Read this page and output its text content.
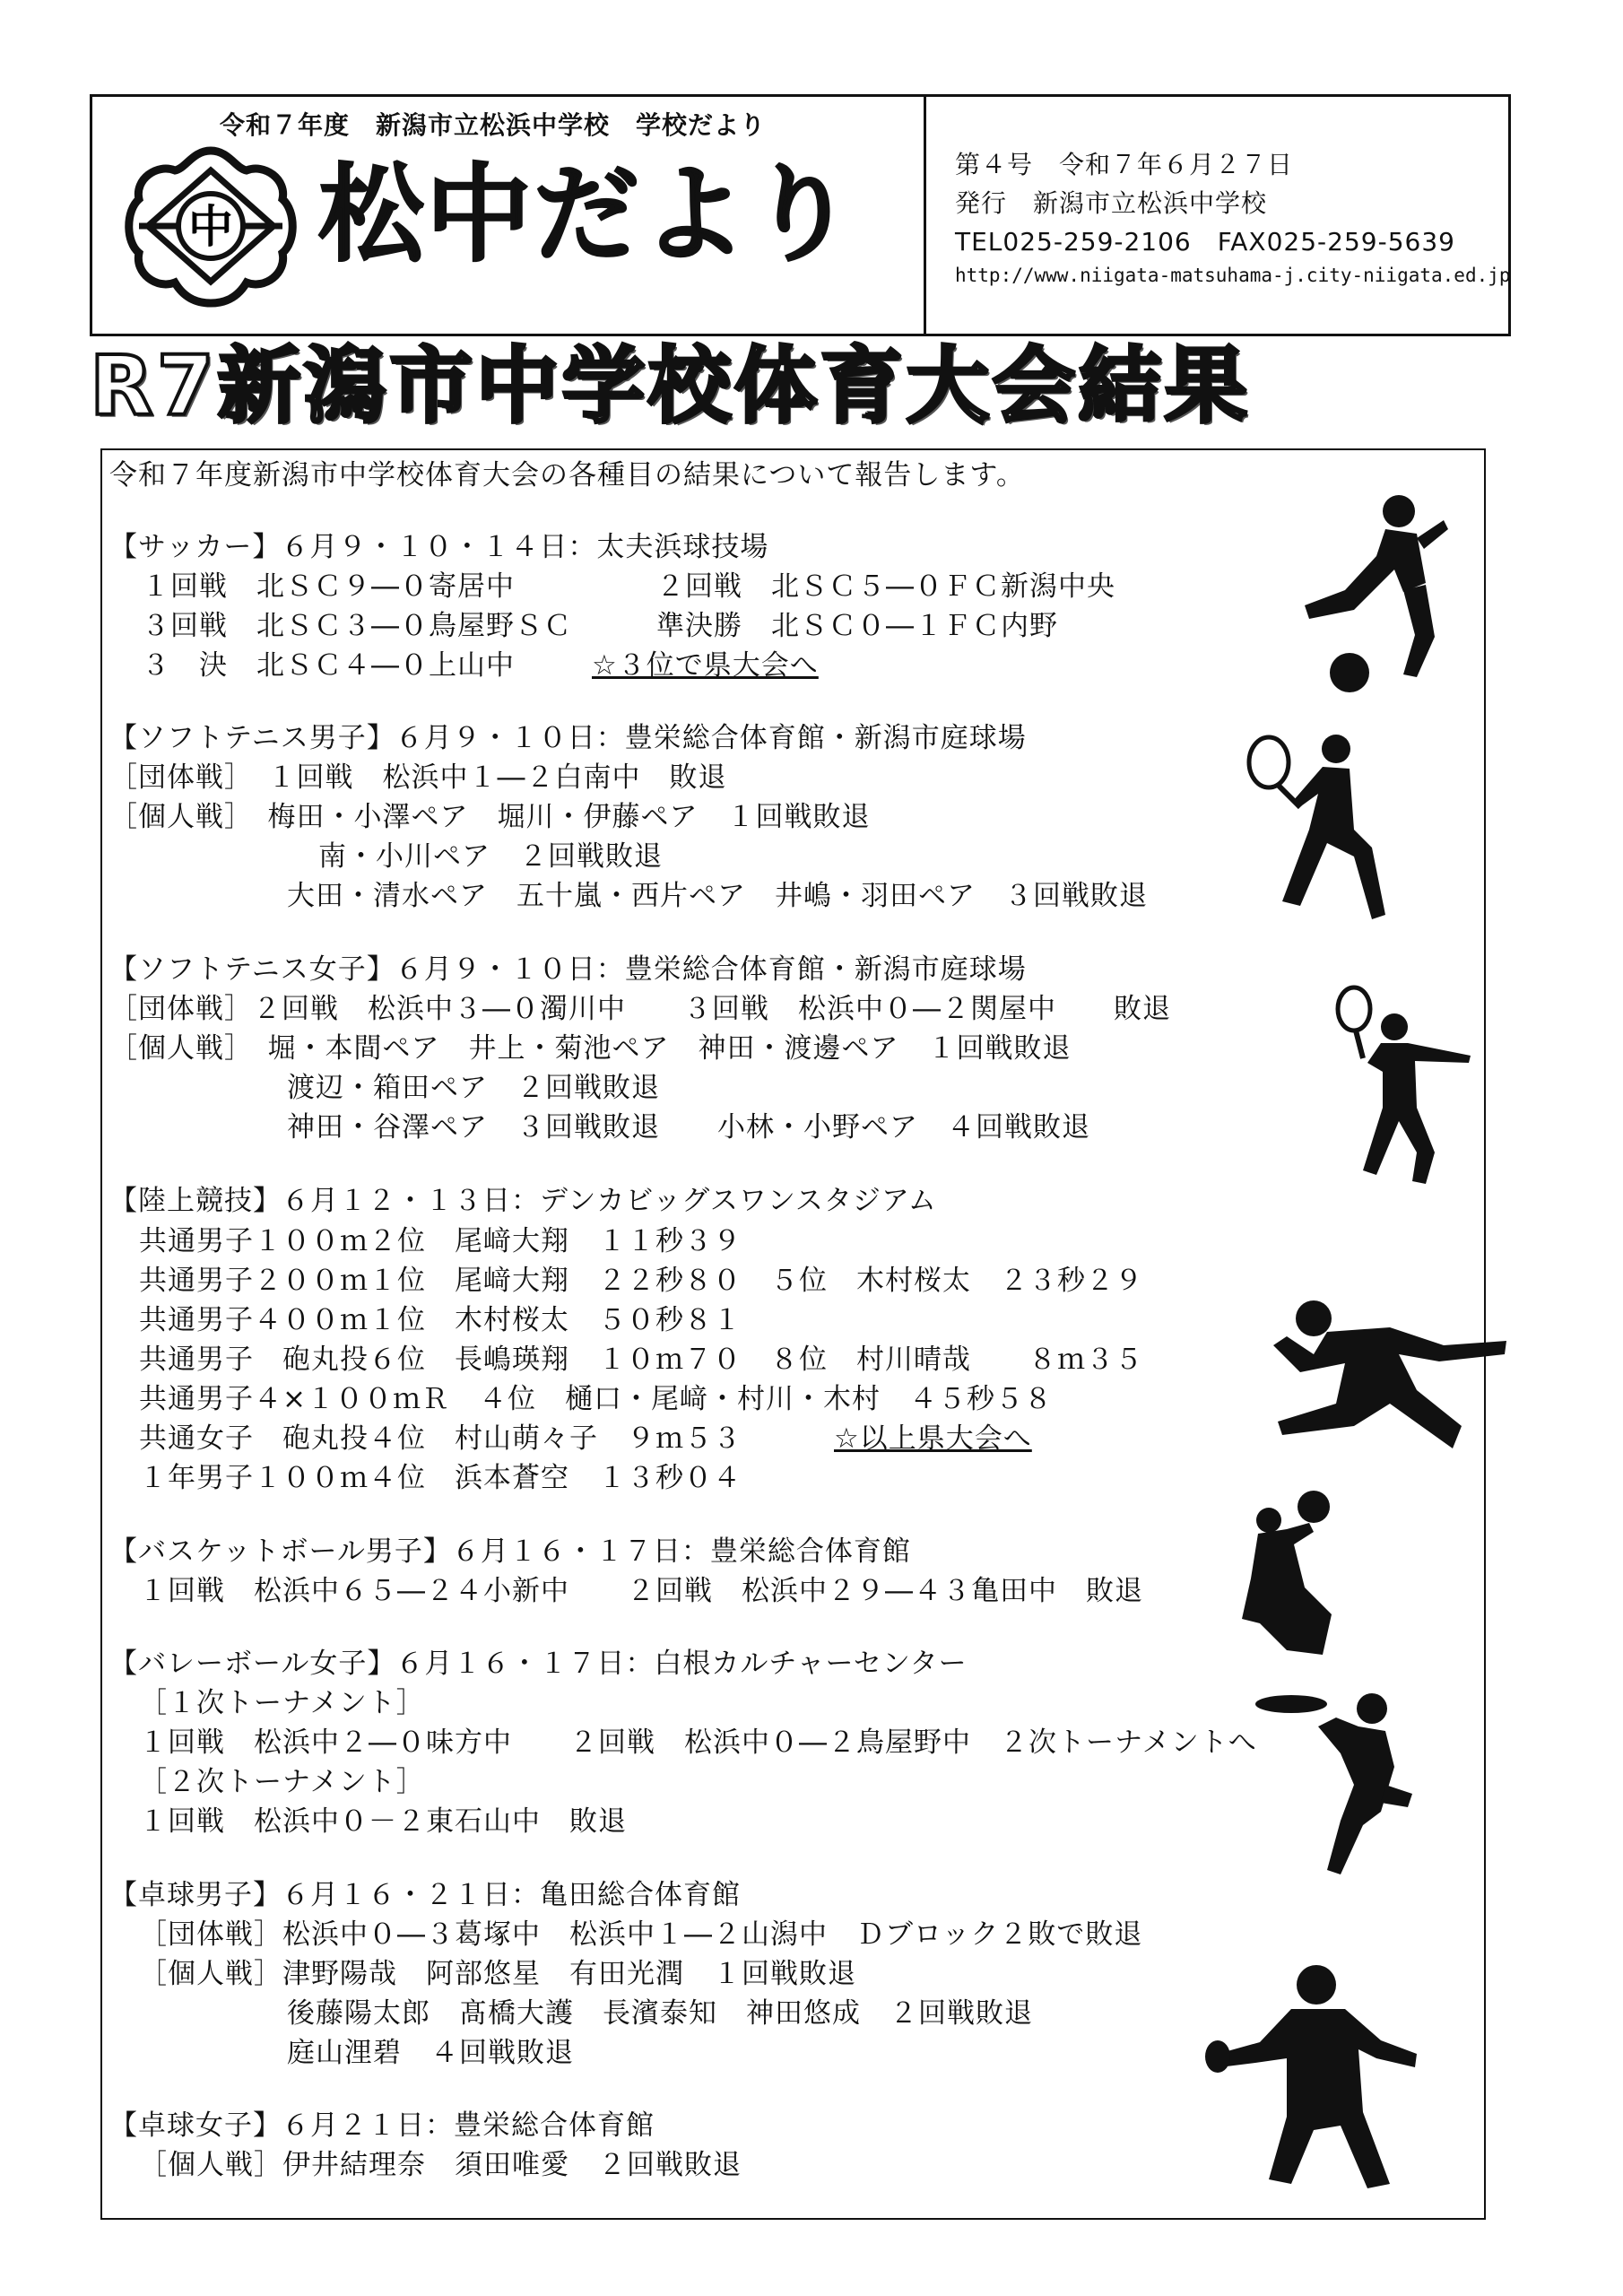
令和７年度　新潟市立松浜中学校　学校だより
中 松中だより	第４号　令和７年６月２７日
発行　新潟市立松浜中学校
TEL025-259-2106　FAX025-259-5639
http://www.niigata-matsuhama-j.city-niigata.ed.jp
R7新潟市中学校体育大会結果
令和７年度新潟市中学校体育大会の各種目の結果について報告します。
【サッカー】６月９・１０・１４日：太夫浜球技場
１回戦　北ＳＣ９―０寄居中	２回戦　北ＳＣ５―０ＦＣ新潟中央
３回戦　北ＳＣ３―０鳥屋野ＳＣ	準決勝　北ＳＣ０―１ＦＣ内野
３　決　北ＳＣ４―０上山中	☆３位で県大会へ
【ソフトテニス男子】６月９・１０日：豊栄総合体育館・新潟市庭球場
［団体戦］　１回戦　松浜中１―２白南中　敗退
［個人戦］　梅田・小澤ペア　堀川・伊藤ペア　１回戦敗退
南・小川ペア　２回戦敗退
大田・清水ペア　五十嵐・西片ペア　井嶋・羽田ペア　３回戦敗退
【ソフトテニス女子】６月９・１０日：豊栄総合体育館・新潟市庭球場
［団体戦］２回戦　松浜中３―０濁川中　　３回戦　松浜中０―２関屋中　　敗退
［個人戦］　堀・本間ペア　井上・菊池ペア　神田・渡邊ペア　１回戦敗退
渡辺・箱田ペア　２回戦敗退
神田・谷澤ペア　３回戦敗退　　小林・小野ペア　４回戦敗退
【陸上競技】６月１２・１３日：デンカビッグスワンスタジアム
共通男子１００ｍ２位　尾﨑大翔　１１秒３９
共通男子２００ｍ１位　尾﨑大翔　２２秒８０　５位　木村桜太　２３秒２９
共通男子４００ｍ１位　木村桜太　５０秒８１
共通男子　砲丸投６位　長嶋瑛翔　１０ｍ７０　８位　村川晴哉　　８ｍ３５
共通男子４×１００ｍＲ　４位　樋口・尾﨑・村川・木村　４５秒５８
共通女子　砲丸投４位　村山萌々子　９ｍ５３	☆以上県大会へ
１年男子１００ｍ４位　浜本蒼空　１３秒０４
【バスケットボール男子】６月１６・１７日：豊栄総合体育館
１回戦　松浜中６５―２４小新中　　２回戦　松浜中２９―４３亀田中　敗退
【バレーボール女子】６月１６・１７日：白根カルチャーセンター
［１次トーナメント］
１回戦　松浜中２―０味方中　　２回戦　松浜中０―２鳥屋野中　２次トーナメントへ
［２次トーナメント］
１回戦　松浜中０－２東石山中　敗退
【卓球男子】６月１６・２１日：亀田総合体育館
［団体戦］松浜中０―３葛塚中　松浜中１―２山潟中　Ｄブロック２敗で敗退
［個人戦］津野陽哉　阿部悠星　有田光潤　１回戦敗退
後藤陽太郎　髙橋大護　長濱泰知　神田悠成　２回戦敗退
庭山浬碧　４回戦敗退
【卓球女子】６月２１日：豊栄総合体育館
［個人戦］伊井結理奈　須田唯愛　２回戦敗退
